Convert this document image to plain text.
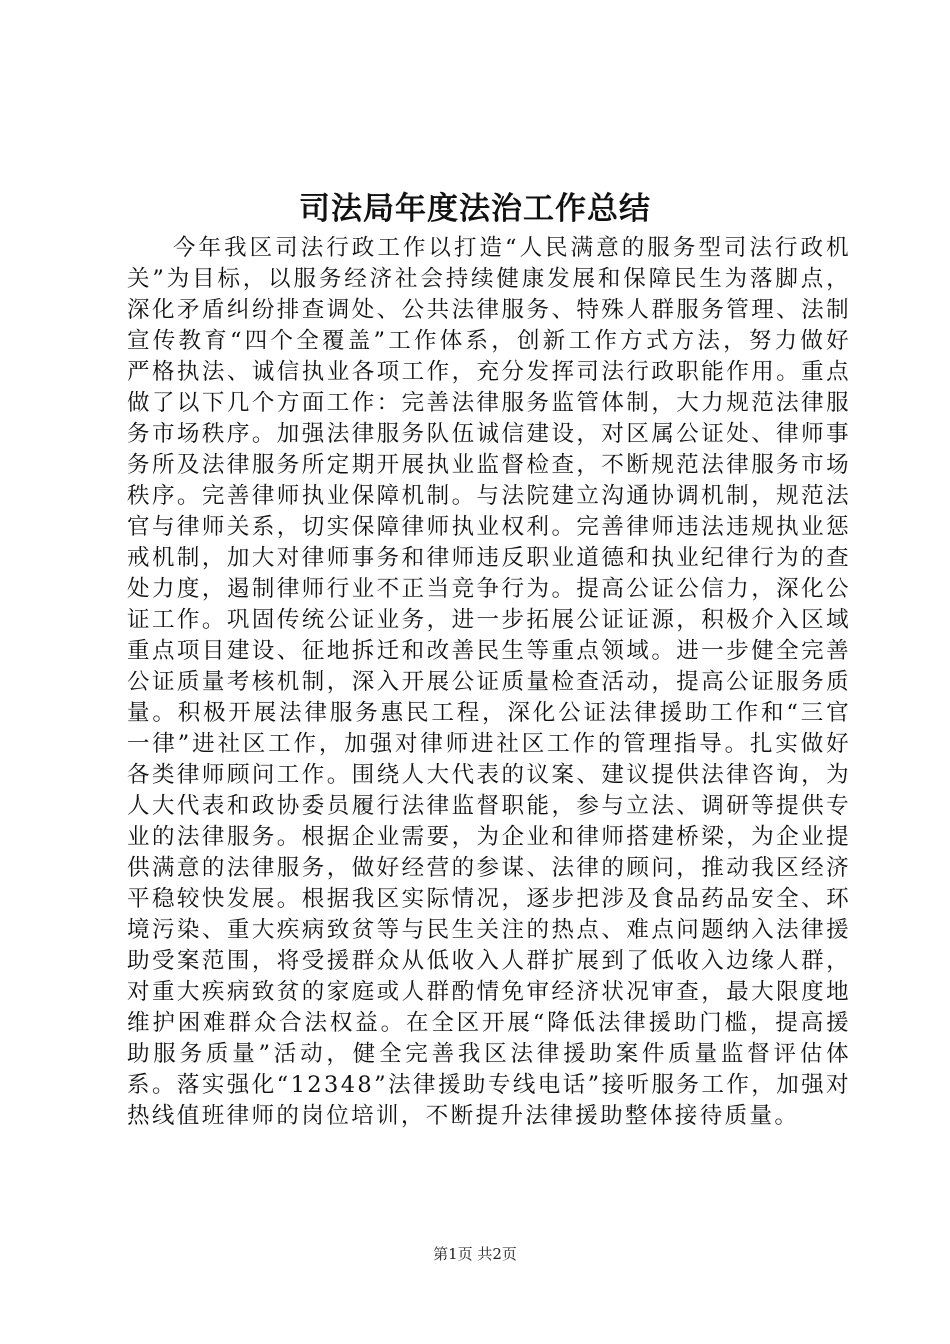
司法局年度法治工作总结

今年我区司法行政工作以打造“人民满意的服务型司法行政机关”为目标，以服务经济社会持续健康发展和保障民生为落脚点，深化矛盾纠纷排查调处、公共法律服务、特殊人群服务管理、法制宣传教育“四个全覆盖”工作体系，创新工作方式方法，努力做好严格执法、诚信执业各项工作，充分发挥司法行政职能作用。重点做了以下几个方面工作：完善法律服务监管体制，大力规范法律服务市场秩序。加强法律服务队伍诚信建设，对区属公证处、律师事务所及法律服务所定期开展执业监督检查，不断规范法律服务市场秩序。完善律师执业保障机制。与法院建立沟通协调机制，规范法官与律师关系，切实保障律师执业权利。完善律师违法违规执业惩戒机制，加大对律师事务和律师违反职业道德和执业纪律行为的查处力度，遏制律师行业不正当竞争行为。提高公证公信力，深化公证工作。巩固传统公证业务，进一步拓展公证证源，积极介入区域重点项目建设、征地拆迁和改善民生等重点领域。进一步健全完善公证质量考核机制，深入开展公证质量检查活动，提高公证服务质量。积极开展法律服务惠民工程，深化公证法律援助工作和“三官一律”进社区工作，加强对律师进社区工作的管理指导。扎实做好各类律师顾问工作。围绕人大代表的议案、建议提供法律咨询，为人大代表和政协委员履行法律监督职能，参与立法、调研等提供专业的法律服务。根据企业需要，为企业和律师搭建桥梁，为企业提供满意的法律服务，做好经营的参谋、法律的顾问，推动我区经济平稳较快发展。根据我区实际情况，逐步把涉及食品药品安全、环境污染、重大疾病致贫等与民生关注的热点、难点问题纳入法律援助受案范围，将受援群众从低收入人群扩展到了低收入边缘人群，对重大疾病致贫的家庭或人群酌情免审经济状况审查，最大限度地维护困难群众合法权益。在全区开展“降低法律援助门槛，提高援助服务质量”活动，健全完善我区法律援助案件质量监督评估体系。落实强化“12348”法律援助专线电话”接听服务工作，加强对热线值班律师的岗位培训，不断提升法律援助整体接待质量。

第1页 共2页
